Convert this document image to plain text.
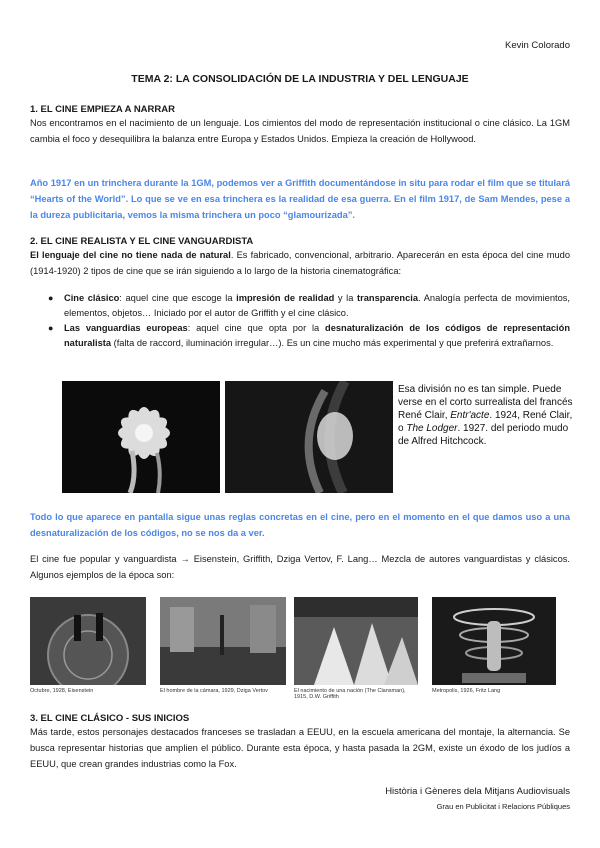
Kevin Colorado
TEMA 2: LA CONSOLIDACIÓN DE LA INDUSTRIA Y DEL LENGUAJE
1. EL CINE EMPIEZA A NARRAR
Nos encontramos en el nacimiento de un lenguaje. Los cimientos del modo de representación institucional o cine clásico. La 1GM cambia el foco y desequilibra la balanza entre Europa y Estados Unidos. Empieza la creación de Hollywood.
Año 1917 en un trinchera durante la 1GM, podemos ver a Griffith documentándose in situ para rodar el film que se titulará “Hearts of the World”. Lo que se ve en esa trinchera es la realidad de esa guerra. En el film 1917, de Sam Mendes, pese a la dureza publicitaria, vemos la misma trinchera un poco “glamourizada”.
2. EL CINE REALISTA Y EL CINE VANGUARDISTA
El lenguaje del cine no tiene nada de natural. Es fabricado, convencional, arbitrario. Aparecerán en esta época del cine mudo (1914-1920) 2 tipos de cine que se irán siguiendo a lo largo de la historia cinematográfica:
● Cine clásico: aquel cine que escoge la impresión de realidad y la transparencia. Analogía perfecta de movimientos, elementos, objetos… Iniciado por el autor de Griffith y el cine clásico.
● Las vanguardias europeas: aquel cine que opta por la desnaturalización de los códigos de representación naturalista (falta de raccord, iluminación irregular…). Es un cine mucho más experimental y que preferirá extrañarnos.
Esa división no es tan simple. Puede verse en el corto surrealista del francés René Clair, Entr'acte. 1924, René Clair, o The Lodger. 1927. del periodo mudo de Alfred Hitchcock.
Todo lo que aparece en pantalla sigue unas reglas concretas en el cine, pero en el momento en el que damos uso a una desnaturalización de los códigos, no se nos da a ver.
El cine fue popular y vanguardista → Eisenstein, Griffith, Dziga Vertov, F. Lang… Mezcla de autores vanguardistas y clásicos. Algunos ejemplos de la época son:
Octubre, 1928, Eisenstein	El hombre de la cámara, 1929, Dziga Vertov	El nacimiento de una nación (The Clansman), 1915, D.W. Griffith
Metropolis, 1926, Fritz Lang
3. EL CINE CLÁSICO - SUS INICIOS
Más tarde, estos personajes destacados franceses se trasladan a EEUU, en la escuela americana del montaje, la alternancia. Se busca representar historias que amplien el público. Durante esta época, y hasta pasada la 2GM, existe un éxodo de los judíos a EEUU, que crean grandes industrias como la Fox.
Història i Gèneres dela Mitjans Audiovisuals
Grau en Publicitat i Relacions Públiques
